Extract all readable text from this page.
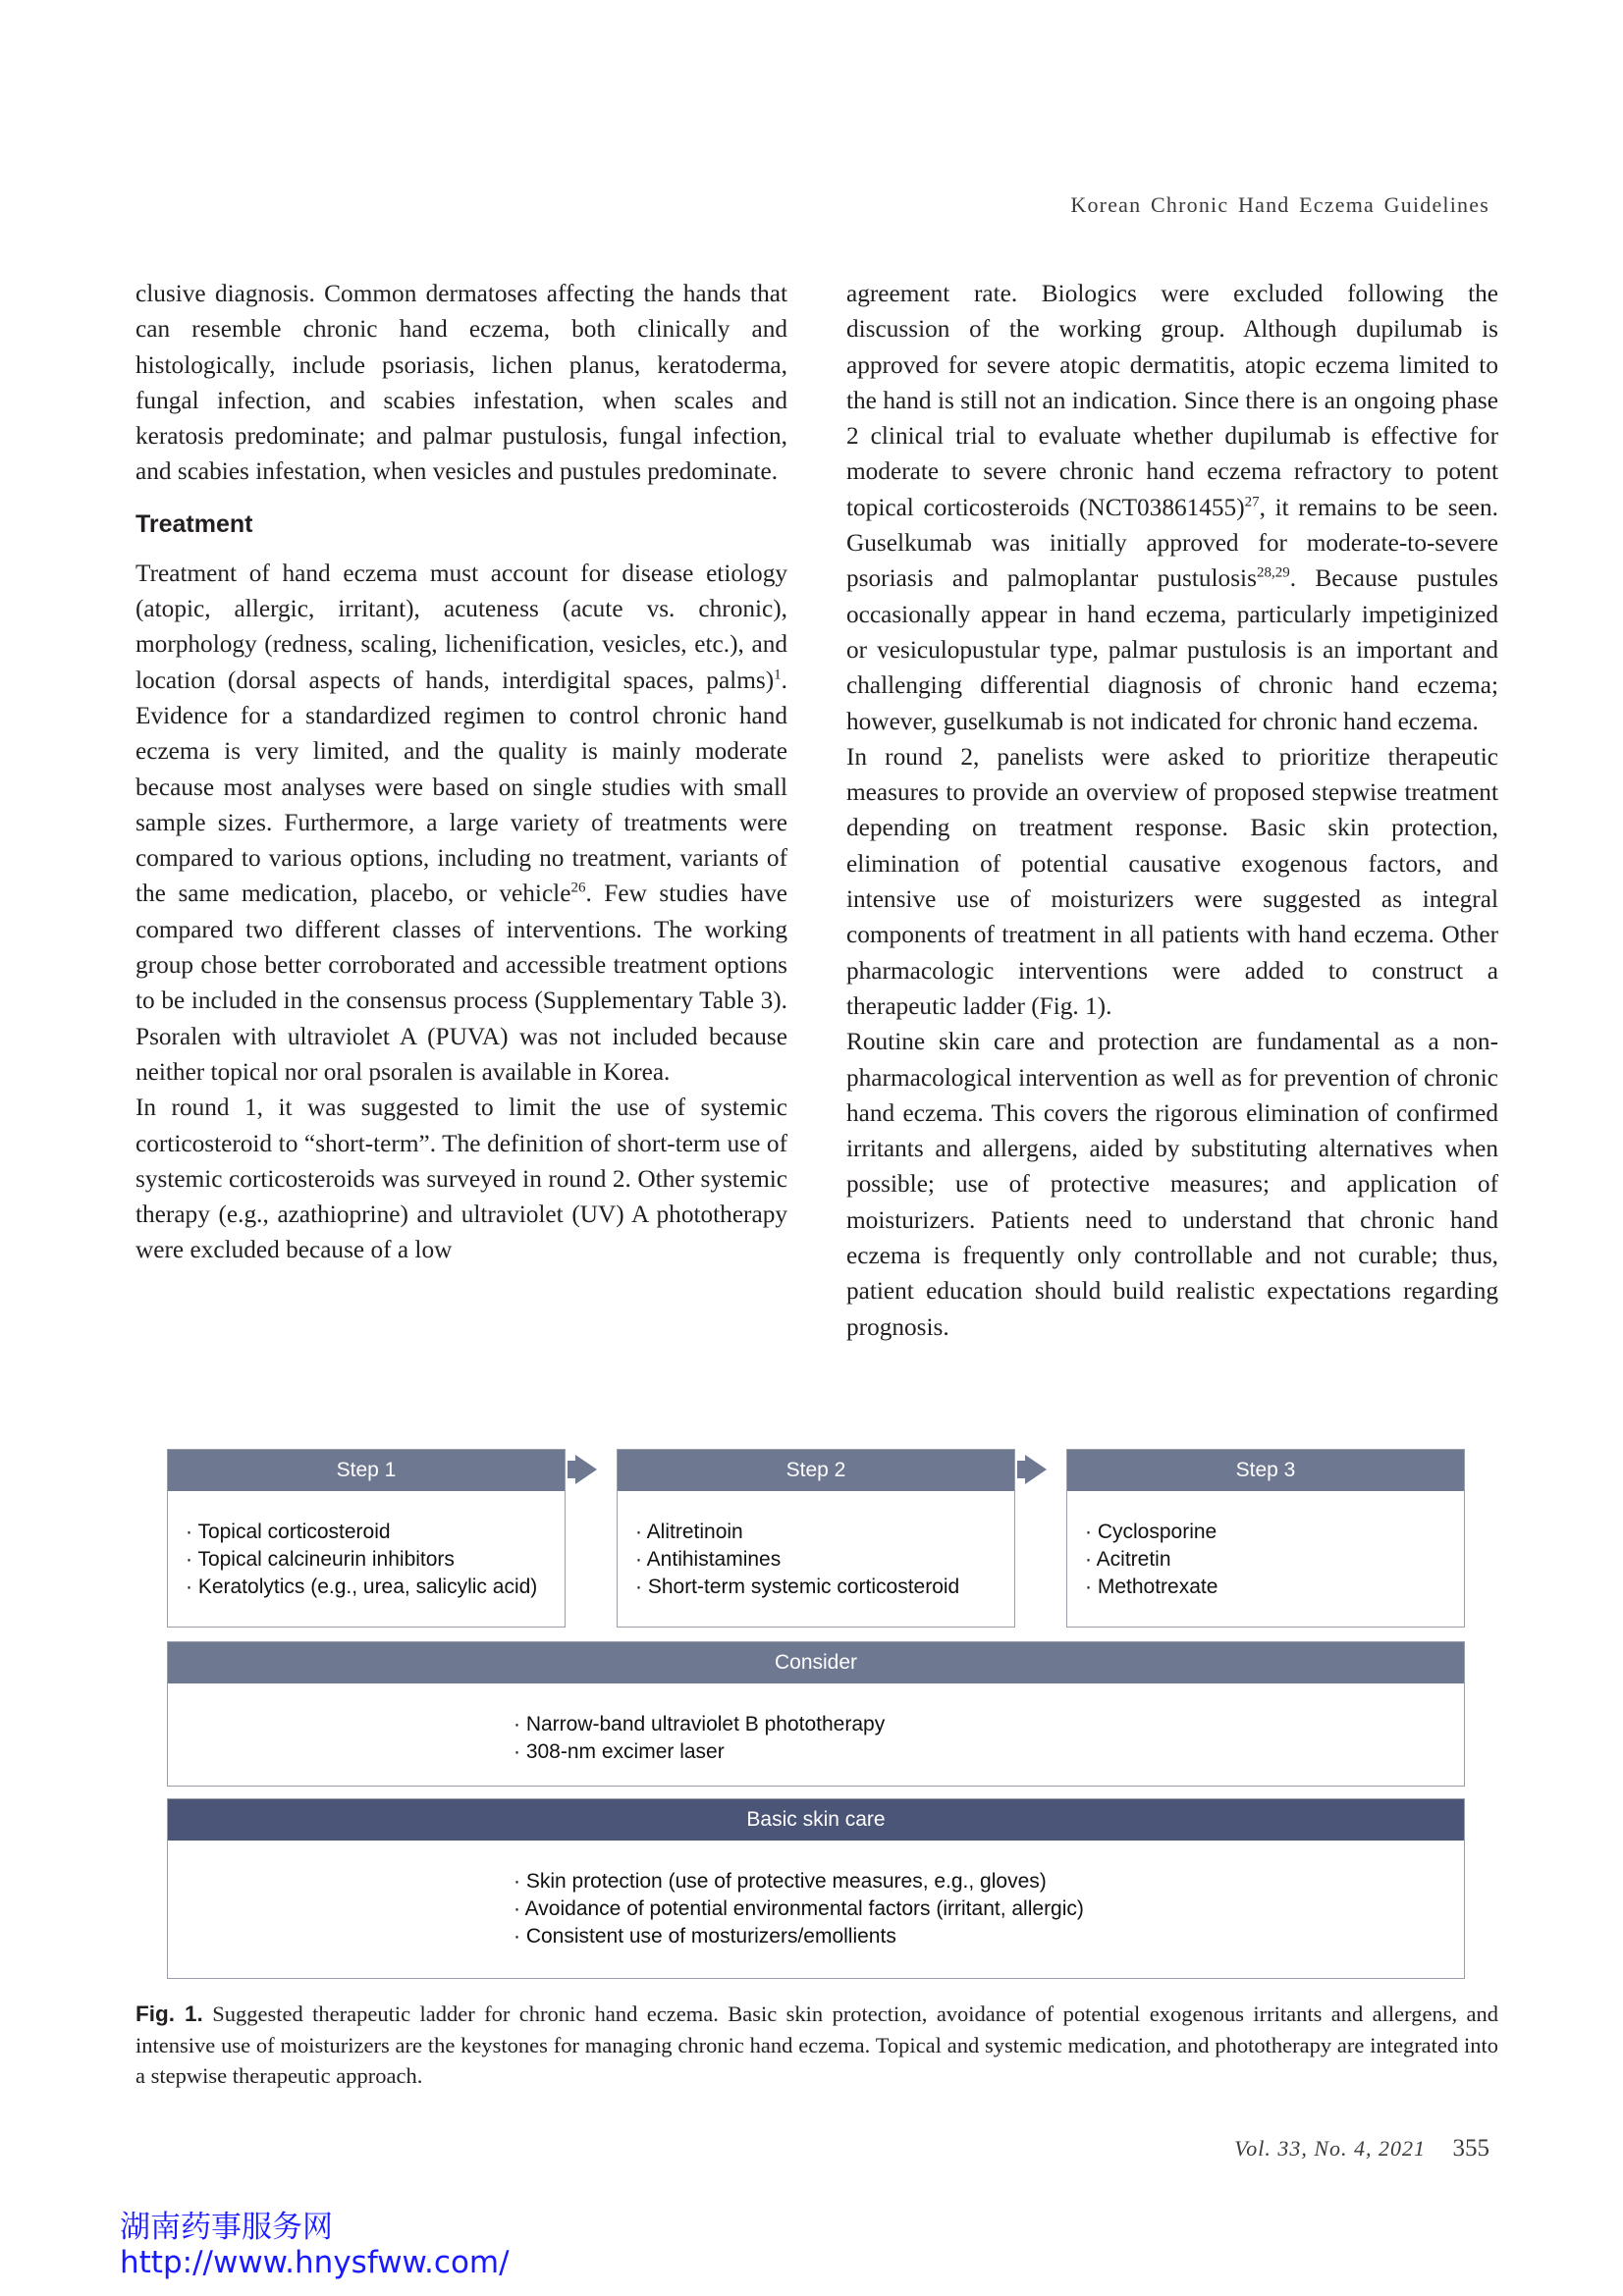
Korean Chronic Hand Eczema Guidelines

clusive diagnosis. Common dermatoses affecting the hands that can resemble chronic hand eczema, both clinically and histologically, include psoriasis, lichen planus, keratoderma, fungal infection, and scabies infestation, when scales and keratosis predominate; and palmar pustulosis, fungal infection, and scabies infestation, when vesicles and pustules predominate.

Treatment

Treatment of hand eczema must account for disease etiology (atopic, allergic, irritant), acuteness (acute vs. chronic), morphology (redness, scaling, lichenification, vesicles, etc.), and location (dorsal aspects of hands, interdigital spaces, palms)$^1$. Evidence for a standardized regimen to control chronic hand eczema is very limited, and the quality is mainly moderate because most analyses were based on single studies with small sample sizes. Furthermore, a large variety of treatments were compared to various options, including no treatment, variants of the same medication, placebo, or vehicle$^{26}$. Few studies have compared two different classes of interventions. The working group chose better corroborated and accessible treatment options to be included in the consensus process (Supplementary Table 3). Psoralen with ultraviolet A (PUVA) was not included because neither topical nor oral psoralen is available in Korea.

In round 1, it was suggested to limit the use of systemic corticosteroid to “short-term”. The definition of short-term use of systemic corticosteroids was surveyed in round 2. Other systemic therapy (e.g., azathioprine) and ultraviolet (UV) A phototherapy were excluded because of a low

agreement rate. Biologics were excluded following the discussion of the working group. Although dupilumab is approved for severe atopic dermatitis, atopic eczema limited to the hand is still not an indication. Since there is an ongoing phase 2 clinical trial to evaluate whether dupilumab is effective for moderate to severe chronic hand eczema refractory to potent topical corticosteroids $(NCT03861455)^{27}$, it remains to be seen. Guselkumab was initially approved for moderate-to-severe psoriasis and palmoplantar pustulosis$^{28,29}$. Because pustules occasionally appear in hand eczema, particularly impetiginized or vesiculopustular type, palmar pustulosis is an important and challenging differential diagnosis of chronic hand eczema; however, guselkumab is not indicated for chronic hand eczema.

In round 2, panelists were asked to prioritize therapeutic measures to provide an overview of proposed stepwise treatment depending on treatment response. Basic skin protection, elimination of potential causative exogenous factors, and intensive use of moisturizers were suggested as integral components of treatment in all patients with hand eczema. Other pharmacologic interventions were added to construct a therapeutic ladder (Fig. 1).

Routine skin care and protection are fundamental as a non-pharmacological intervention as well as for prevention of chronic hand eczema. This covers the rigorous elimination of confirmed irritants and allergens, aided by substituting alternatives when possible; use of protective measures; and application of moisturizers. Patients need to understand that chronic hand eczema is frequently only controllable and not curable; thus, patient education should build realistic expectations regarding prognosis.

Step 1
· Topical corticosteroid
· Topical calcineurin inhibitors
· Keratolytics (e.g., urea, salicylic acid)
Step 2
· Alitretinoin
· Antihistamines
· Short-term systemic corticosteroid
Step 3
· Cyclosporine
· Acitretin
· Methotrexate
Consider
· Narrow-band ultraviolet B phototherapy
· 308-nm excimer laser
Basic skin care
· Skin protection (use of protective measures, e.g., gloves)
· Avoidance of potential environmental factors (irritant, allergic)
· Consistent use of mosturizers/emollients
Fig. 1. Suggested therapeutic ladder for chronic hand eczema. Basic skin protection, avoidance of potential exogenous irritants and allergens, and intensive use of moisturizers are the keystones for managing chronic hand eczema. Topical and systemic medication, and phototherapy are integrated into a stepwise therapeutic approach.
Vol. 33, No. 4, 2021 355
湖南药事服务网
http://www.hnysfww.com/
